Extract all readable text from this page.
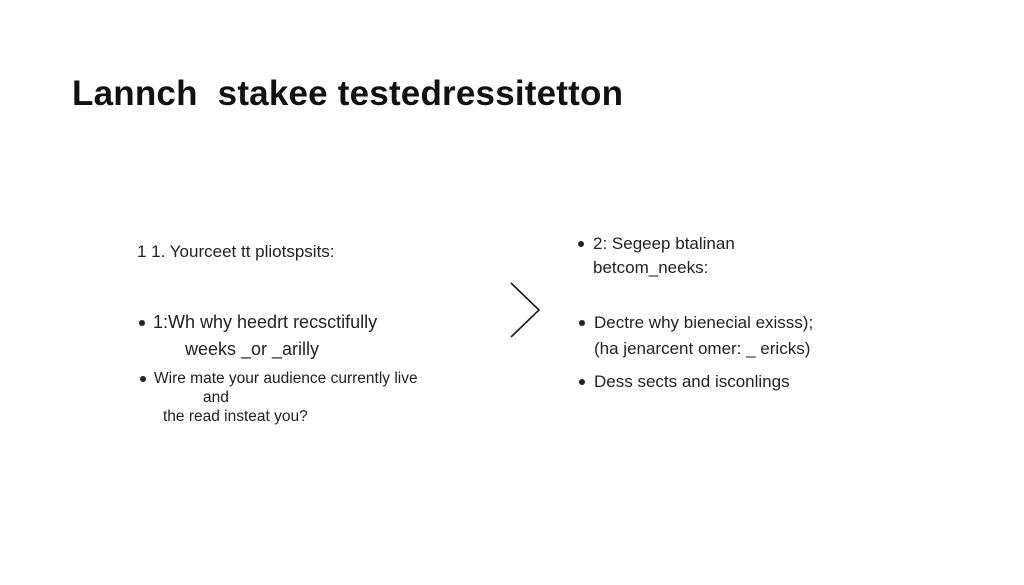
Lannch stakee testedressitetton
1 1. Yourceet tt pliotspsits:
1:Wh why heedrt recsctifully
weeks _or _arilly
Wire mate your audience currently live
and
the read insteat you?
2: Segeep btalinan
betcom_neeks:
Dectre why bienecial exisss);
(ha jenarcent omer: _ ericks)
Dess sects and isconlings
